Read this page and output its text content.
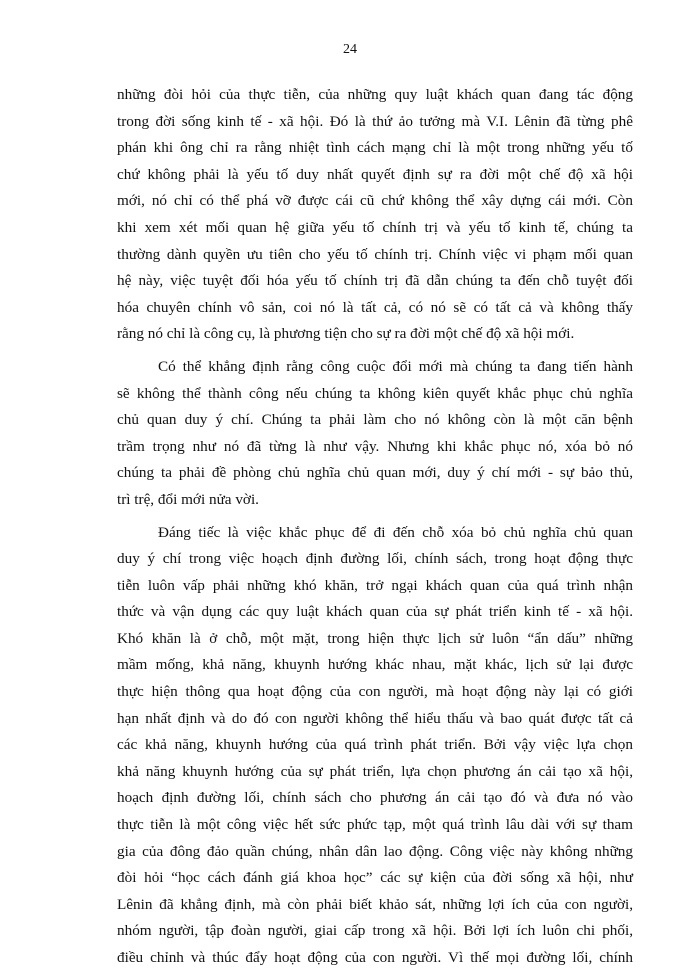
24

những đòi hỏi của thực tiễn, của những quy luật khách quan đang tác động
trong đời sống kinh tế - xã hội. Đó là thứ ảo tưởng mà V.I. Lênin đã từng phê
phán khi ông chỉ ra rằng nhiệt tình cách mạng chỉ là một trong những yếu tố
chứ không phải là yếu tố duy nhất quyết định sự ra đời một chế độ xã hội
mới, nó chỉ có thể phá vỡ được cái cũ chứ không thể xây dựng cái mới. Còn
khi xem xét mối quan hệ giữa yếu tố chính trị và yếu tố kinh tế, chúng ta
thường dành quyền ưu tiên cho yếu tố chính trị. Chính việc vi phạm mối quan
hệ này, việc tuyệt đối hóa yếu tố chính trị đã dẫn chúng ta đến chỗ tuyệt đối
hóa chuyên chính vô sản, coi nó là tất cả, có nó sẽ có tất cả và không thấy
rằng nó chỉ là công cụ, là phương tiện cho sự ra đời một chế độ xã hội mới.

Có thể khẳng định rằng công cuộc đổi mới mà chúng ta đang tiến hành
sẽ không thể thành công nếu chúng ta không kiên quyết khắc phục chủ nghĩa
chủ quan duy ý chí. Chúng ta phải làm cho nó không còn là một căn bệnh
trầm trọng như nó đã từng là như vậy. Nhưng khi khắc phục nó, xóa bỏ nó
chúng ta phải đề phòng chủ nghĩa chủ quan mới, duy ý chí mới - sự bảo thủ,
trì trệ, đổi mới nửa vời.

Đáng tiếc là việc khắc phục để đi đến chỗ xóa bỏ chủ nghĩa chủ quan
duy ý chí trong việc hoạch định đường lối, chính sách, trong hoạt động thực
tiễn luôn vấp phải những khó khăn, trở ngại khách quan của quá trình nhận
thức và vận dụng các quy luật khách quan của sự phát triển kinh tế - xã hội.
Khó khăn là ở chỗ, một mặt, trong hiện thực lịch sử luôn “ẩn dấu” những
mầm mống, khả năng, khuynh hướng khác nhau, mặt khác, lịch sử lại được
thực hiện thông qua hoạt động của con người, mà hoạt động này lại có giới
hạn nhất định và do đó con người không thể hiểu thấu và bao quát được tất cả
các khả năng, khuynh hướng của quá trình phát triển. Bởi vậy việc lựa chọn
khả năng khuynh hướng của sự phát triển, lựa chọn phương án cải tạo xã hội,
hoạch định đường lối, chính sách cho phương án cải tạo đó và đưa nó vào
thực tiễn là một công việc hết sức phức tạp, một quá trình lâu dài với sự tham
gia của đông đảo quần chúng, nhân dân lao động. Công việc này không những
đòi hỏi “học cách đánh giá khoa học” các sự kiện của đời sống xã hội, như
Lênin đã khẳng định, mà còn phải biết khảo sát, những lợi ích của con người,
nhóm người, tập đoàn người, giai cấp trong xã hội. Bởi lợi ích luôn chi phối,
điều chỉnh và thúc đẩy hoạt động của con người. Vì thế mọi đường lối, chính
